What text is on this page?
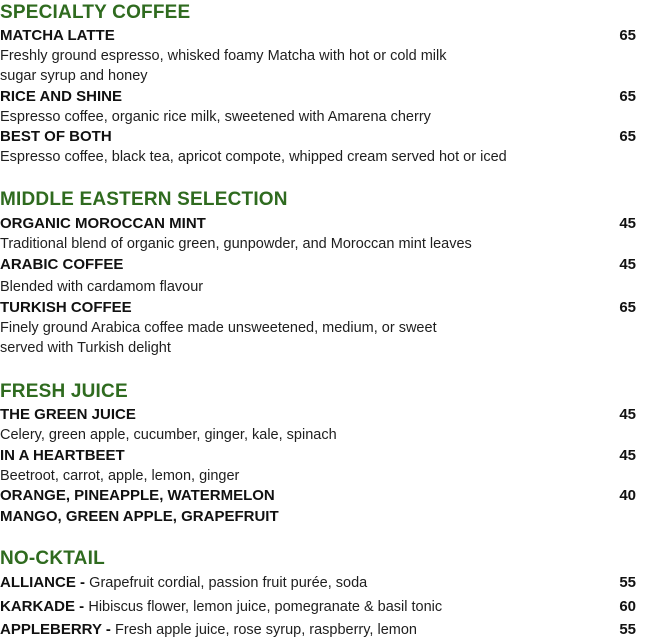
SPECIALTY COFFEE
MATCHA LATTE	65
Freshly ground espresso, whisked foamy Matcha with hot or cold milk
sugar syrup and honey
RICE AND SHINE	65
Espresso coffee, organic rice milk, sweetened with Amarena cherry
BEST OF BOTH	65
Espresso coffee, black tea, apricot compote, whipped cream served hot or iced
MIDDLE EASTERN SELECTION
ORGANIC MOROCCAN MINT	45
Traditional blend of organic green, gunpowder, and Moroccan mint leaves
ARABIC COFFEE	45
Blended with cardamom flavour
TURKISH COFFEE	65
Finely ground Arabica coffee made unsweetened, medium, or sweet
served with Turkish delight
FRESH JUICE
THE GREEN JUICE	45
Celery, green apple, cucumber, ginger, kale, spinach
IN A HEARTBEET	45
Beetroot, carrot, apple, lemon, ginger
ORANGE, PINEAPPLE, WATERMELON	40
MANGO, GREEN APPLE, GRAPEFRUIT
NO-CKTAIL
ALLIANCE - Grapefruit cordial, passion fruit purée, soda	55
KARKADE - Hibiscus flower, lemon juice, pomegranate & basil tonic	60
APPLEBERRY - Fresh apple juice, rose syrup, raspberry, lemon	55
